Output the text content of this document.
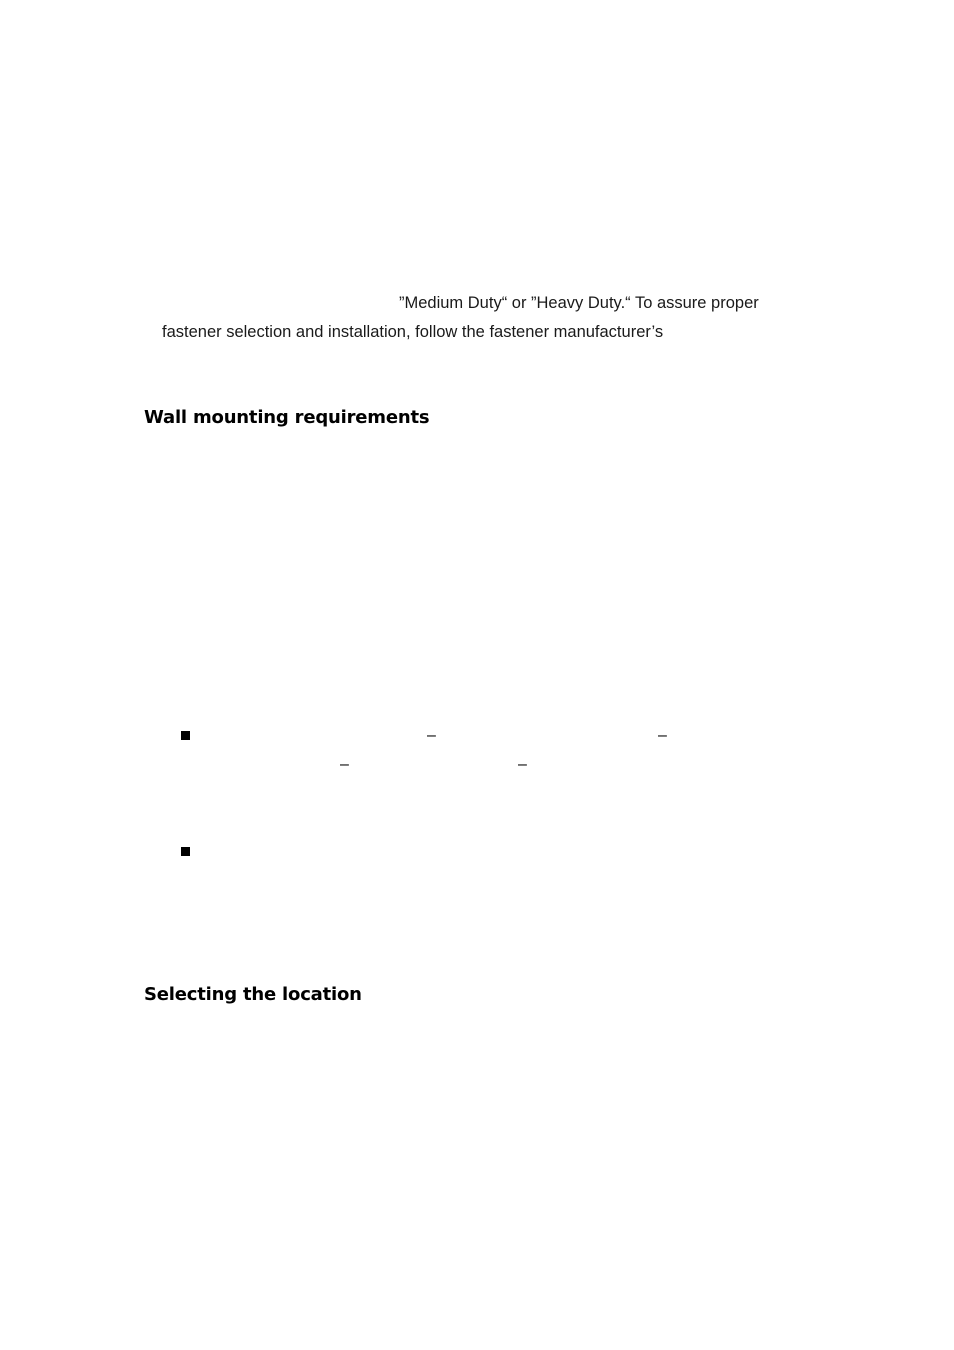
”Medium Duty“ or ”Heavy Duty.“ To assure proper
fastener selection and installation, follow the fastener manufacturer’s
Wall mounting requirements
–	–
–	–
Selecting the location
